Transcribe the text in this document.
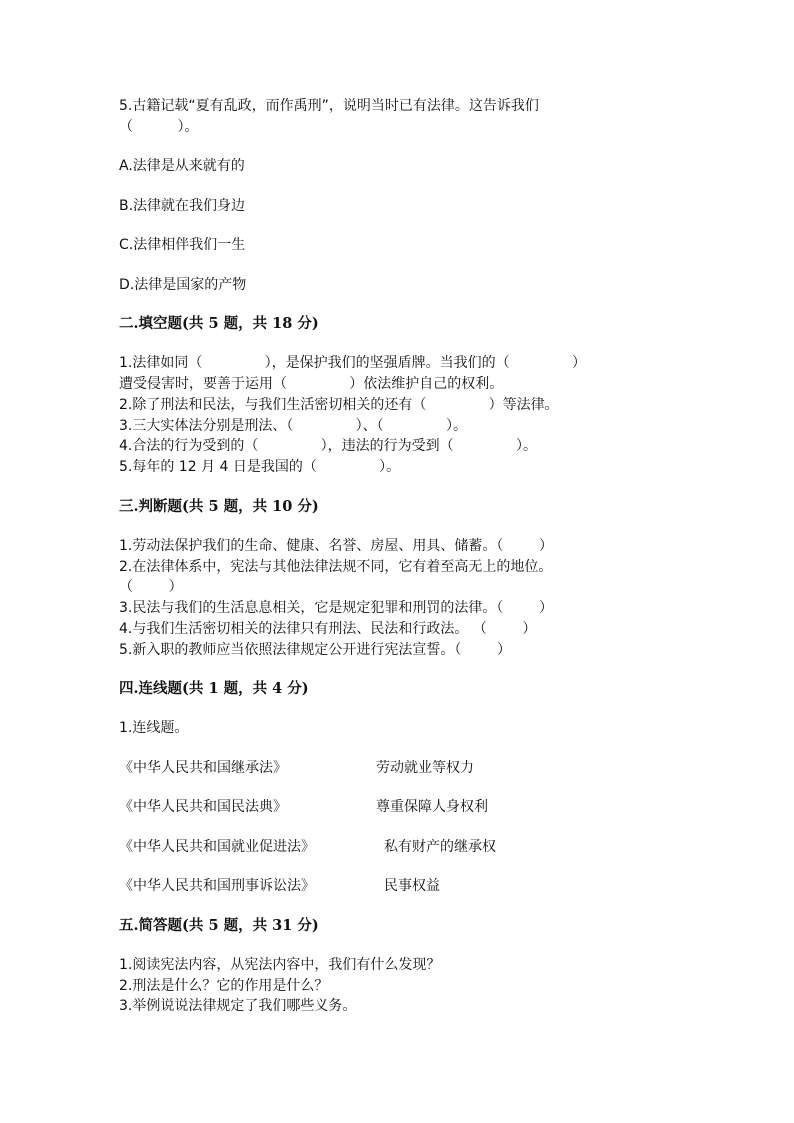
5.古籍记载“夏有乱政，而作禹刑”，说明当时已有法律。这告诉我们
（          ）。
A.法律是从来就有的
B.法律就在我们身边
C.法律相伴我们一生
D.法律是国家的产物
二.填空题(共 5 题，共 18 分)
1.法律如同（              ），是保护我们的坚强盾牌。当我们的（              ）
遭受侵害时，要善于运用（              ）依法维护自己的权利。
2.除了刑法和民法，与我们生活密切相关的还有（              ）等法律。
3.三大实体法分别是刑法、（              ）、（              ）。
4.合法的行为受到的（              ），违法的行为受到（              ）。
5.每年的 12 月 4 日是我国的（              ）。
三.判断题(共 5 题，共 10 分)
1.劳动法保护我们的生命、健康、名誉、房屋、用具、储蓄。（        ）
2.在法律体系中，宪法与其他法律法规不同，它有着至高无上的地位。
（        ）
3.民法与我们的生活息息相关，它是规定犯罪和刑罚的法律。（        ）
4.与我们生活密切相关的法律只有刑法、民法和行政法。 （        ）
5.新入职的教师应当依照法律规定公开进行宪法宣誓。（        ）
四.连线题(共 1 题，共 4 分)
1.连线题。
《中华人民共和国继承法》	劳动就业等权力
《中华人民共和国民法典》	尊重保障人身权利
《中华人民共和国就业促进法》	私有财产的继承权
《中华人民共和国刑事诉讼法》	民事权益
五.简答题(共 5 题，共 31 分)
1.阅读宪法内容，从宪法内容中，我们有什么发现？
2.刑法是什么？它的作用是什么？
3.举例说说法律规定了我们哪些义务。
